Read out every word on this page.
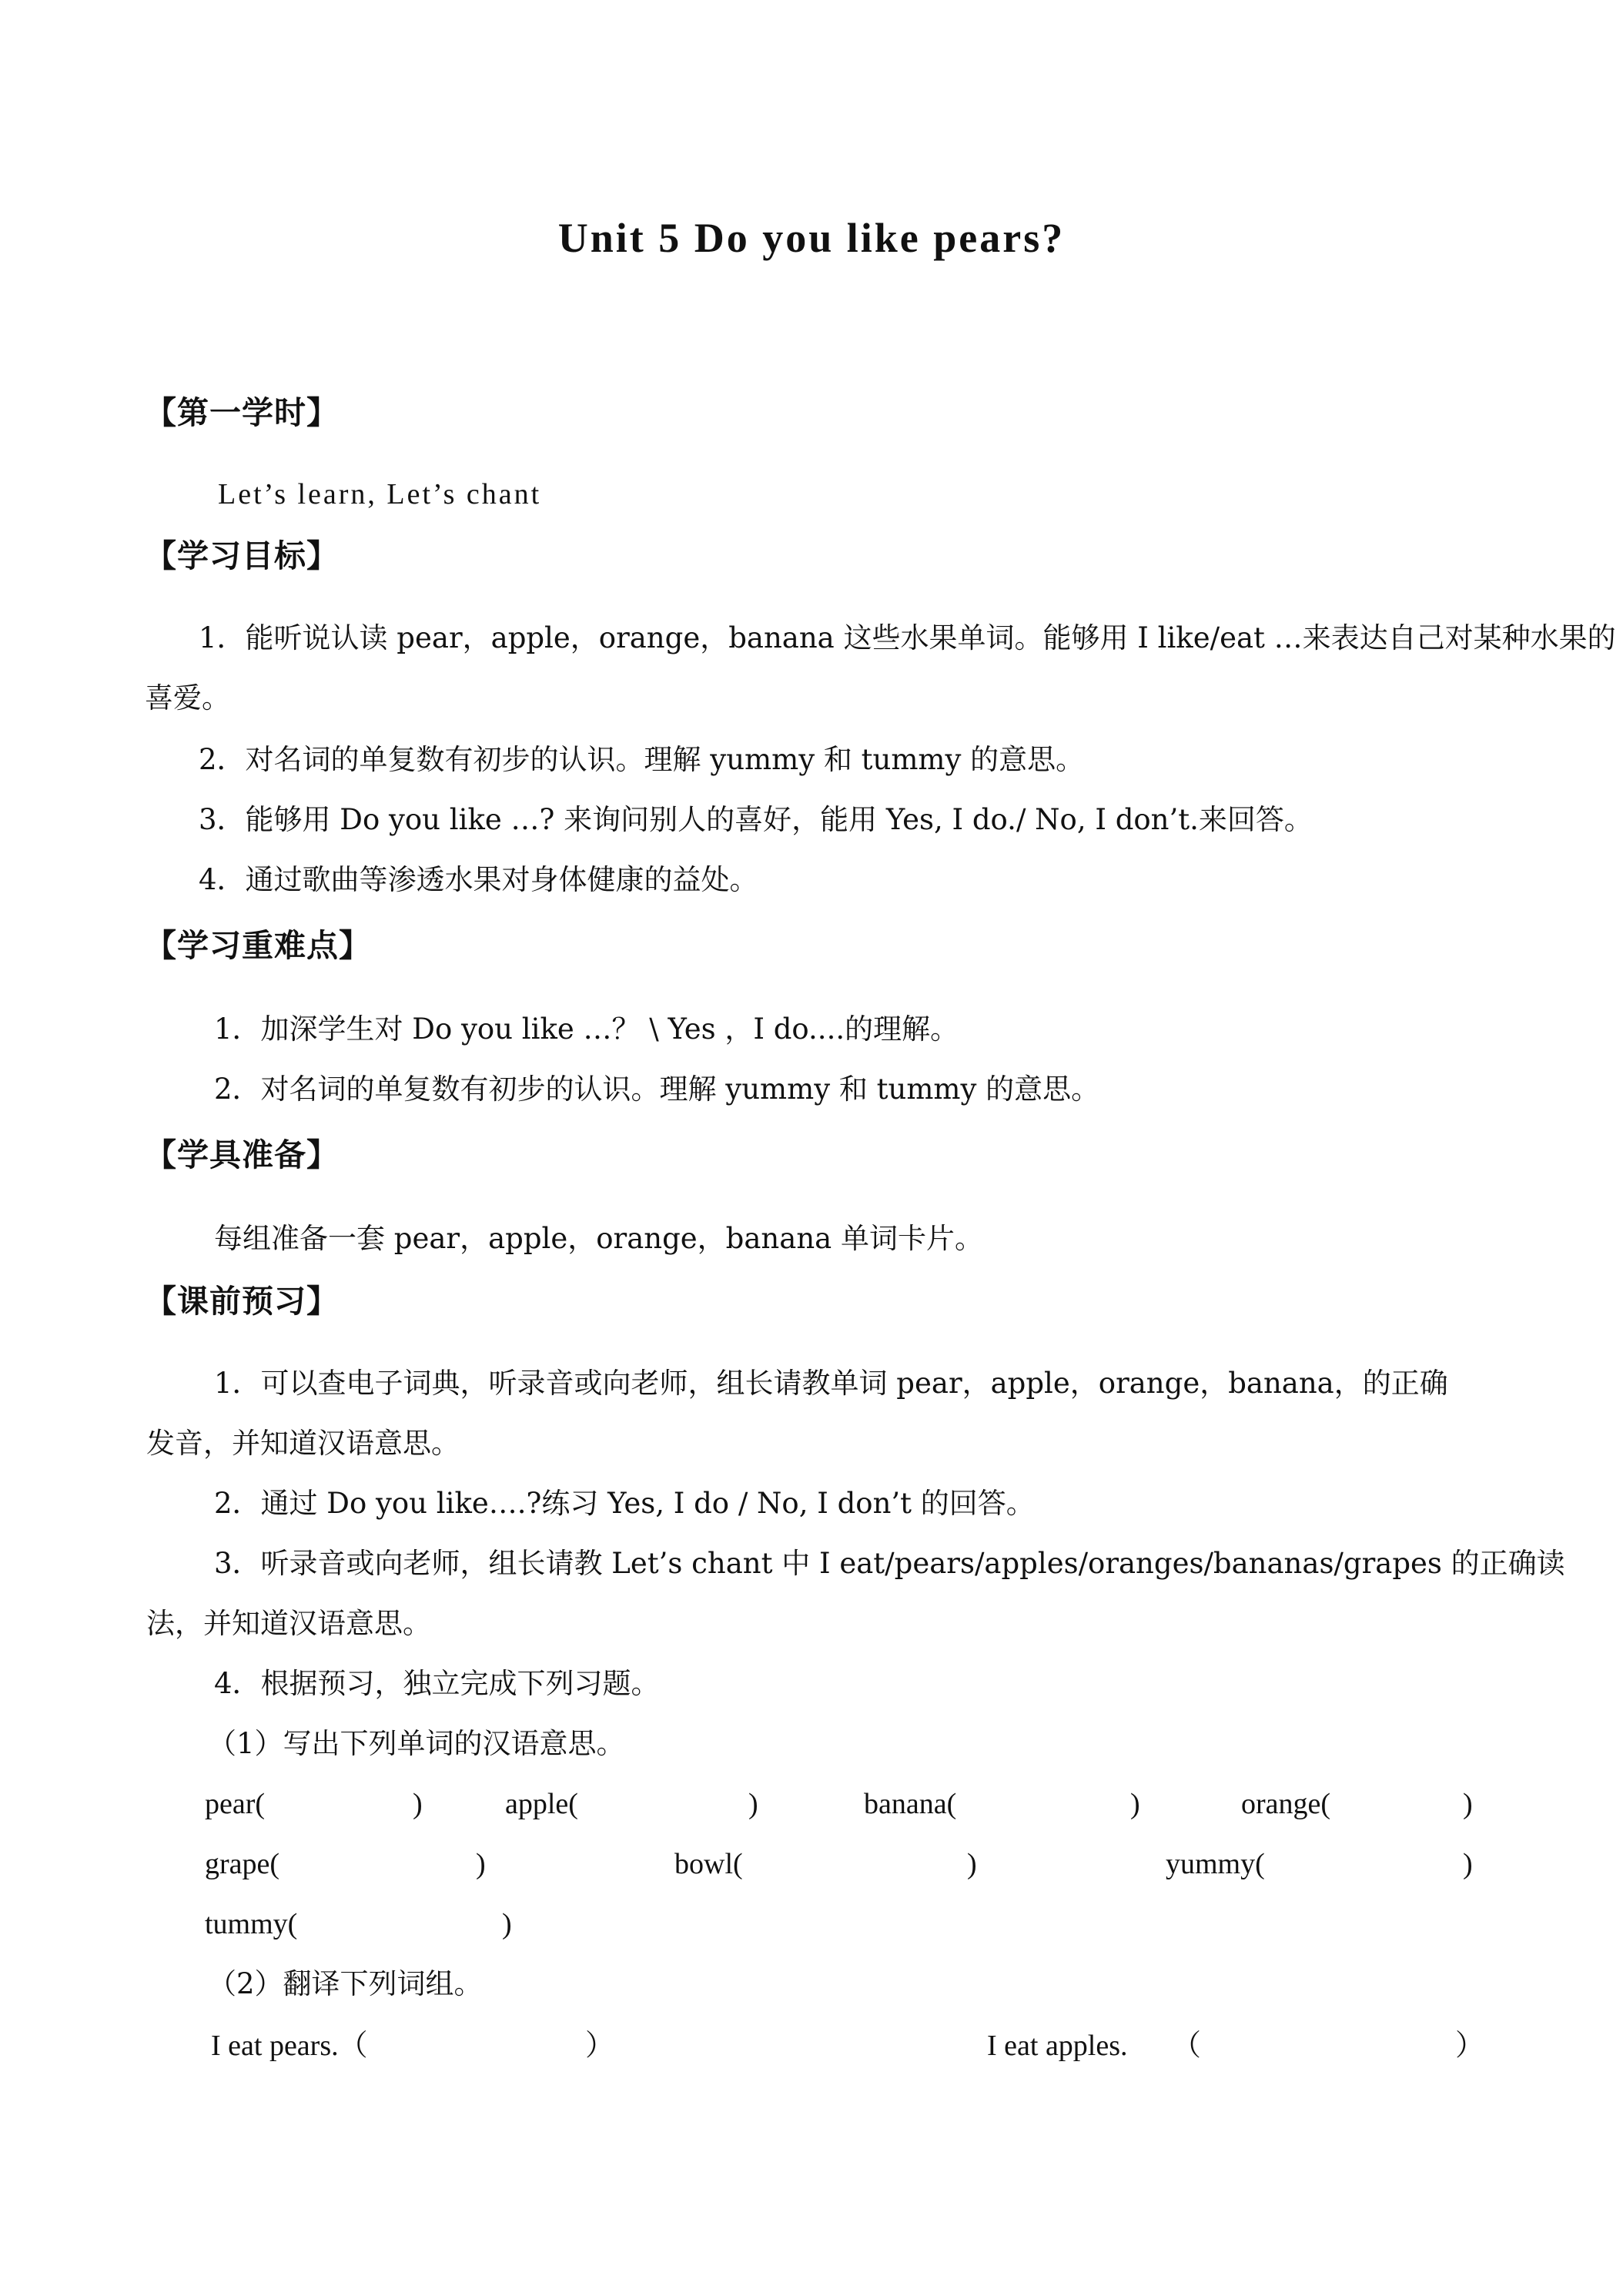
Unit 5 Do you like pears?
【第一学时】
Let’s learn, Let’s chant
【学习目标】
1．能听说认读 pear，apple，orange，banana 这些水果单词。能够用 I like/eat …来表达自己对某种水果的
喜爱。
2．对名词的单复数有初步的认识。理解 yummy 和 tummy 的意思。
3．能够用 Do you like …? 来询问别人的喜好，能用 Yes, I do./ No, I don’t.来回答。
4．通过歌曲等渗透水果对身体健康的益处。
【学习重难点】
1．加深学生对 Do you like …？ \ Yes ，I do....的理解。
2．对名词的单复数有初步的认识。理解 yummy 和 tummy 的意思。
【学具准备】
每组准备一套 pear，apple，orange，banana 单词卡片。
【课前预习】
1．可以查电子词典，听录音或向老师，组长请教单词 pear，apple，orange，banana，的正确
发音，并知道汉语意思。
2．通过 Do you like….?练习 Yes, I do / No, I don’t 的回答。
3．听录音或向老师，组长请教 Let’s chant 中 I eat/pears/apples/oranges/bananas/grapes 的正确读
法，并知道汉语意思。
4．根据预习，独立完成下列习题。
（1）写出下列单词的汉语意思。
pear(	)	apple(	)	banana(	)	orange(	)
grape(	)	bowl(	)	yummy(	)
tummy(	)
（2）翻译下列词组。
I eat pears.（	）	I eat apples. （	）
